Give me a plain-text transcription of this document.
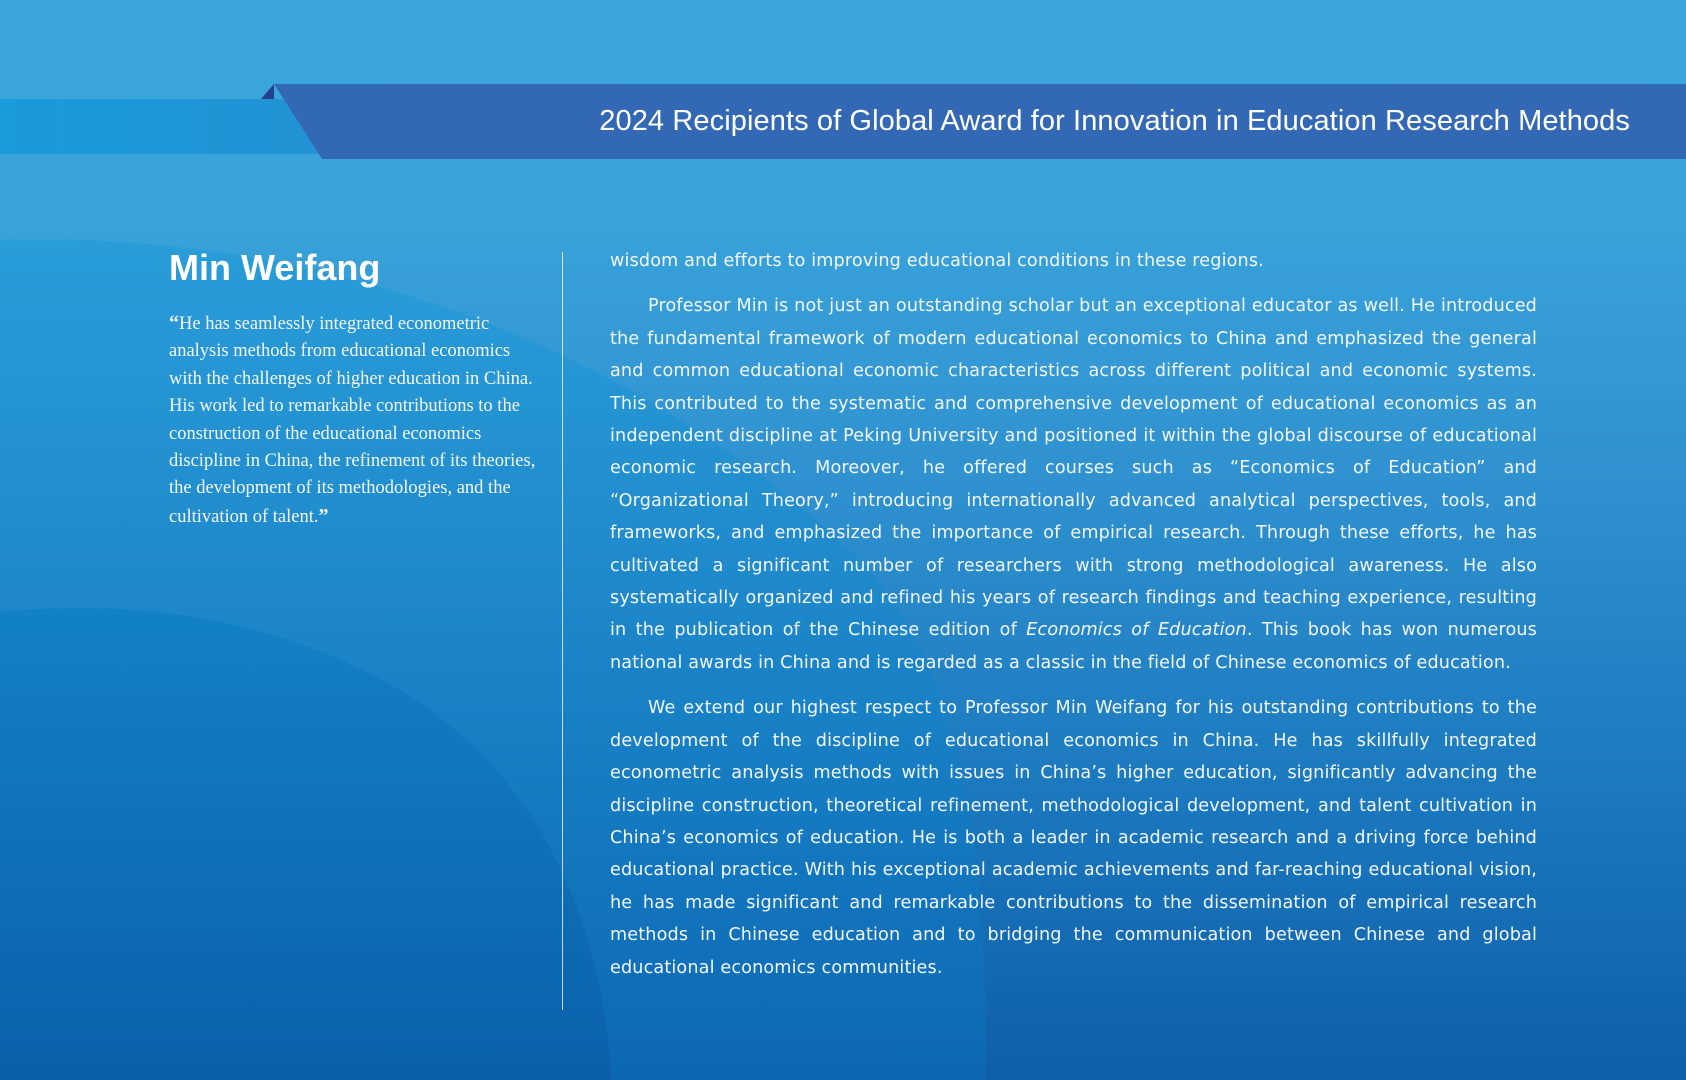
2024 Recipients of Global Award for Innovation in Education Research Methods
Min Weifang

“He has seamlessly integrated econometric analysis methods from educational economics with the challenges of higher education in China. His work led to remarkable contributions to the construction of the educational economics discipline in China, the refinement of its theories, the development of its methodologies, and the cultivation of talent.”

wisdom and efforts to improving educational conditions in these regions.

Professor Min is not just an outstanding scholar but an exceptional educator as well. He introduced the fundamental framework of modern educational economics to China and emphasized the general and common educational economic characteristics across different political and economic systems. This contributed to the systematic and comprehensive development of educational economics as an independent discipline at Peking University and positioned it within the global discourse of educational economic research. Moreover, he offered courses such as “Economics of Education” and “Organizational Theory,” introducing internationally advanced analytical perspectives, tools, and frameworks, and emphasized the importance of empirical research. Through these efforts, he has cultivated a significant number of researchers with strong methodological awareness. He also systematically organized and refined his years of research findings and teaching experience, resulting in the publication of the Chinese edition of Economics of Education. This book has won numerous national awards in China and is regarded as a classic in the field of Chinese economics of education.

We extend our highest respect to Professor Min Weifang for his outstanding contributions to the development of the discipline of educational economics in China. He has skillfully integrated econometric analysis methods with issues in China’s higher education, significantly advancing the discipline construction, theoretical refinement, methodological development, and talent cultivation in China’s economics of education. He is both a leader in academic research and a driving force behind educational practice. With his exceptional academic achievements and far-reaching educational vision, he has made significant and remarkable contributions to the dissemination of empirical research methods in Chinese education and to bridging the communication between Chinese and global educational economics communities.
